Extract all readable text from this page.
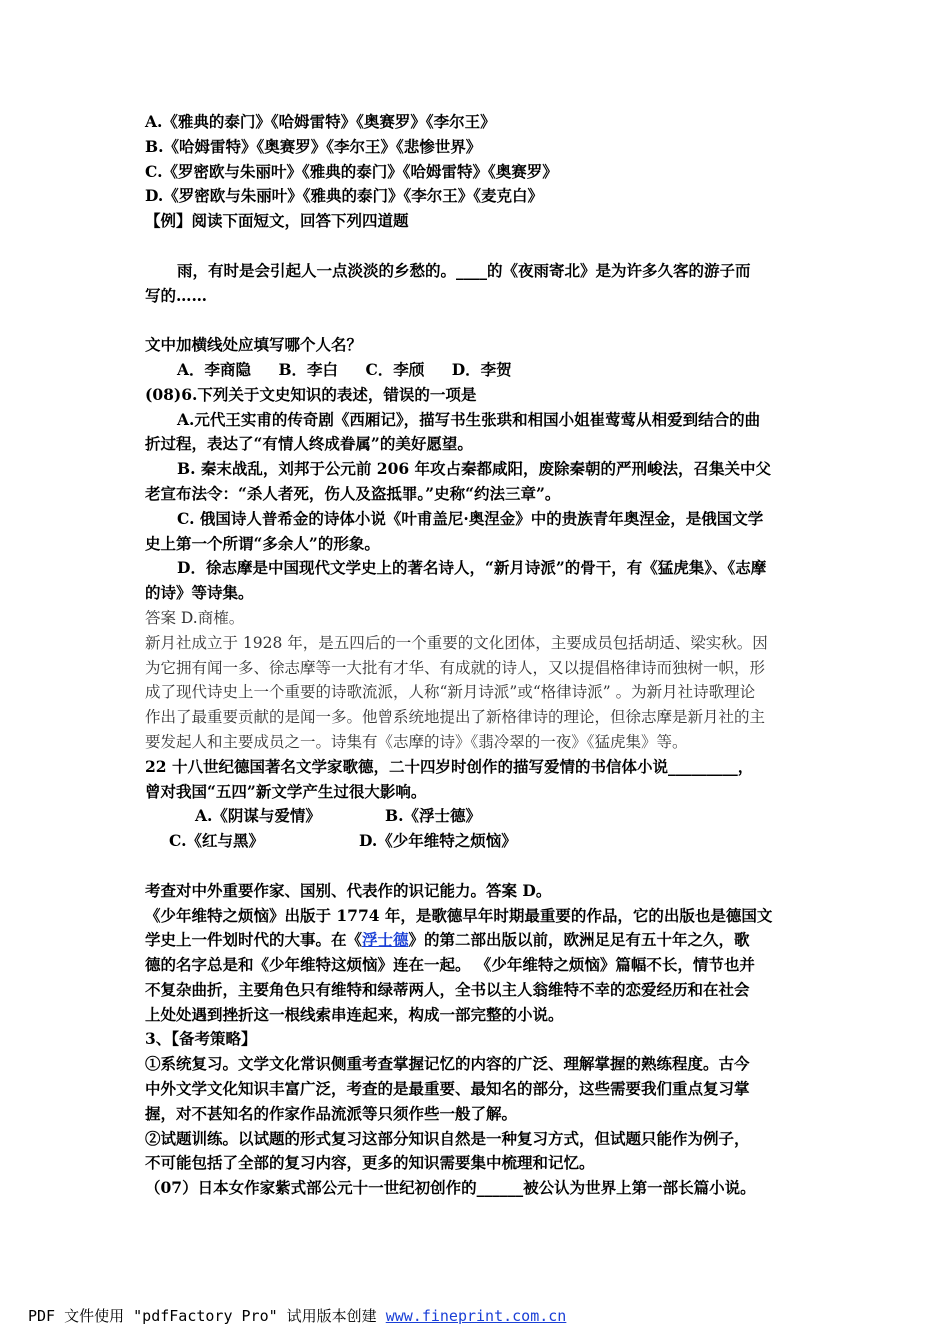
A.《雅典的泰门》《哈姆雷特》《奥赛罗》《李尔王》
B.《哈姆雷特》《奥赛罗》《李尔王》《悲惨世界》
C.《罗密欧与朱丽叶》《雅典的泰门》《哈姆雷特》《奥赛罗》
D.《罗密欧与朱丽叶》《雅典的泰门》《李尔王》《麦克白》
【例】阅读下面短文，回答下列四道题
雨，有时是会引起人一点淡淡的乡愁的。____的《夜雨寄北》是为许多久客的游子而
写的……
文中加横线处应填写哪个人名？
A．李商隐 B．李白 C．李颀 D．李贺
(08)6.下列关于文史知识的表述，错误的一项是
A.元代王实甫的传奇剧《西厢记》，描写书生张珙和相国小姐崔莺莺从相爱到结合的曲
折过程，表达了“有情人终成眷属”的美好愿望。
B. 秦末战乱，刘邦于公元前 206 年攻占秦都咸阳，废除秦朝的严刑峻法，召集关中父
老宣布法令：“杀人者死，伤人及盗抵罪。”史称“约法三章”。
C. 俄国诗人普希金的诗体小说《叶甫盖尼·奥涅金》中的贵族青年奥涅金，是俄国文学
史上第一个所谓“多余人”的形象。
D．徐志摩是中国现代文学史上的著名诗人，“新月诗派”的骨干，有《猛虎集》、《志摩
的诗》等诗集。
答案 D.商榷。
新月社成立于 1928 年，是五四后的一个重要的文化团体，主要成员包括胡适、梁实秋。因
为它拥有闻一多、徐志摩等一大批有才华、有成就的诗人，又以提倡格律诗而独树一帜，形
成了现代诗史上一个重要的诗歌流派，人称“新月诗派”或“格律诗派” 。为新月社诗歌理论
作出了最重要贡献的是闻一多。他曾系统地提出了新格律诗的理论，但徐志摩是新月社的主
要发起人和主要成员之一。诗集有《志摩的诗》《翡冷翠的一夜》《猛虎集》等。
22 十八世纪德国著名文学家歌德，二十四岁时创作的描写爱情的书信体小说_________，
曾对我国“五四”新文学产生过很大影响。
A.《阴谋与爱情》	B.《浮士德》
C.《红与黑》	D.《少年维特之烦恼》
考查对中外重要作家、国别、代表作的识记能力。答案 D。
《少年维特之烦恼》出版于 1774 年，是歌德早年时期最重要的作品，它的出版也是德国文
学史上一件划时代的大事。在《浮士德》的第二部出版以前，欧洲足足有五十年之久，歌
德的名字总是和《少年维特这烦恼》连在一起。 《少年维特之烦恼》篇幅不长，情节也并
不复杂曲折，主要角色只有维特和绿蒂两人，全书以主人翁维特不幸的恋爱经历和在社会
上处处遇到挫折这一根线索串连起来，构成一部完整的小说。
3、【备考策略】
①系统复习。文学文化常识侧重考查掌握记忆的内容的广泛、理解掌握的熟练程度。古今
中外文学文化知识丰富广泛，考查的是最重要、最知名的部分，这些需要我们重点复习掌
握，对不甚知名的作家作品流派等只须作些一般了解。
②试题训练。以试题的形式复习这部分知识自然是一种复习方式，但试题只能作为例子，
不可能包括了全部的复习内容，更多的知识需要集中梳理和记忆。
（07）日本女作家紫式部公元十一世纪初创作的______被公认为世界上第一部长篇小说。
PDF 文件使用 "pdfFactory Pro" 试用版本创建 www.fineprint.com.cn
